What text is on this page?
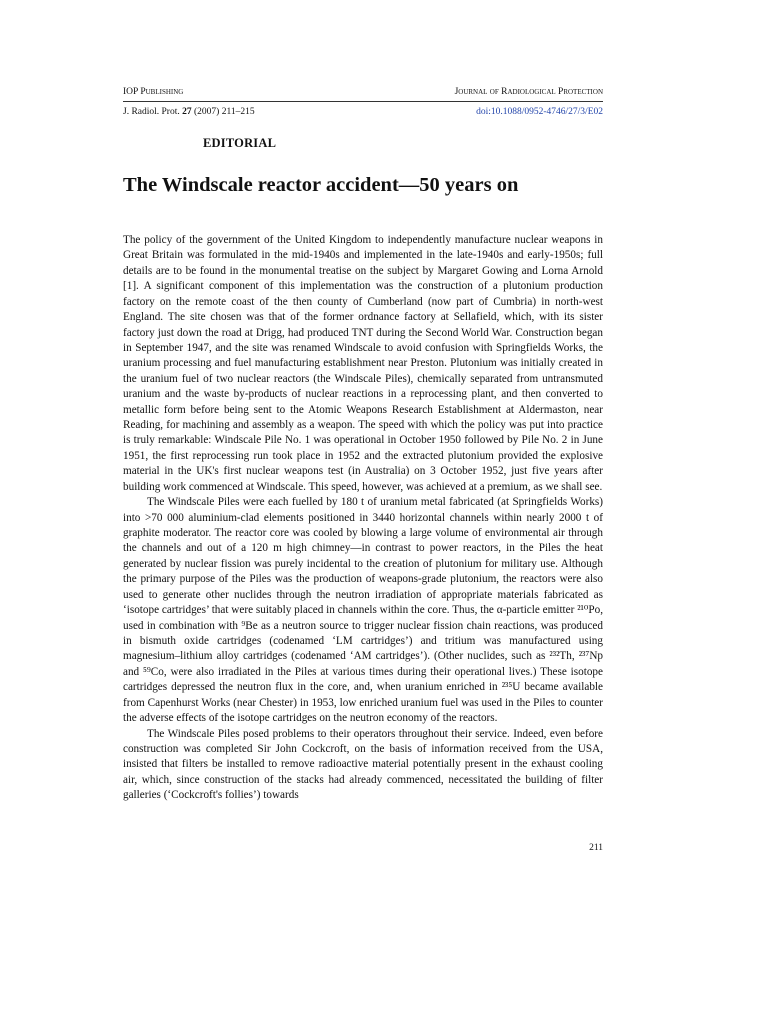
IOP Publishing	Journal of Radiological Protection
J. Radiol. Prot. 27 (2007) 211–215	doi:10.1088/0952-4746/27/3/E02
EDITORIAL
The Windscale reactor accident—50 years on

The policy of the government of the United Kingdom to independently manufacture nuclear weapons in Great Britain was formulated in the mid-1940s and implemented in the late-1940s and early-1950s; full details are to be found in the monumental treatise on the subject by Margaret Gowing and Lorna Arnold [1]. A significant component of this implementation was the construction of a plutonium production factory on the remote coast of the then county of Cumberland (now part of Cumbria) in north-west England. The site chosen was that of the former ordnance factory at Sellafield, which, with its sister factory just down the road at Drigg, had produced TNT during the Second World War. Construction began in September 1947, and the site was renamed Windscale to avoid confusion with Springfields Works, the uranium processing and fuel manufacturing establishment near Preston. Plutonium was initially created in the uranium fuel of two nuclear reactors (the Windscale Piles), chemically separated from untransmuted uranium and the waste by-products of nuclear reactions in a reprocessing plant, and then converted to metallic form before being sent to the Atomic Weapons Research Establishment at Aldermaston, near Reading, for machining and assembly as a weapon. The speed with which the policy was put into practice is truly remarkable: Windscale Pile No. 1 was operational in October 1950 followed by Pile No. 2 in June 1951, the first reprocessing run took place in 1952 and the extracted plutonium provided the explosive material in the UK's first nuclear weapons test (in Australia) on 3 October 1952, just five years after building work commenced at Windscale. This speed, however, was achieved at a premium, as we shall see.

The Windscale Piles were each fuelled by 180 t of uranium metal fabricated (at Springfields Works) into >70 000 aluminium-clad elements positioned in 3440 horizontal channels within nearly 2000 t of graphite moderator. The reactor core was cooled by blowing a large volume of environmental air through the channels and out of a 120 m high chimney—in contrast to power reactors, in the Piles the heat generated by nuclear fission was purely incidental to the creation of plutonium for military use. Although the primary purpose of the Piles was the production of weapons-grade plutonium, the reactors were also used to generate other nuclides through the neutron irradiation of appropriate materials fabricated as ‘isotope cartridges’ that were suitably placed in channels within the core. Thus, the α-particle emitter ²¹⁰Po, used in combination with ⁹Be as a neutron source to trigger nuclear fission chain reactions, was produced in bismuth oxide cartridges (codenamed ‘LM cartridges’) and tritium was manufactured using magnesium–lithium alloy cartridges (codenamed ‘AM cartridges’). (Other nuclides, such as ²³²Th, ²³⁷Np and ⁵⁹Co, were also irradiated in the Piles at various times during their operational lives.) These isotope cartridges depressed the neutron flux in the core, and, when uranium enriched in ²³⁵U became available from Capenhurst Works (near Chester) in 1953, low enriched uranium fuel was used in the Piles to counter the adverse effects of the isotope cartridges on the neutron economy of the reactors.

The Windscale Piles posed problems to their operators throughout their service. Indeed, even before construction was completed Sir John Cockcroft, on the basis of information received from the USA, insisted that filters be installed to remove radioactive material potentially present in the exhaust cooling air, which, since construction of the stacks had already commenced, necessitated the building of filter galleries (‘Cockcroft's follies’) towards

211
